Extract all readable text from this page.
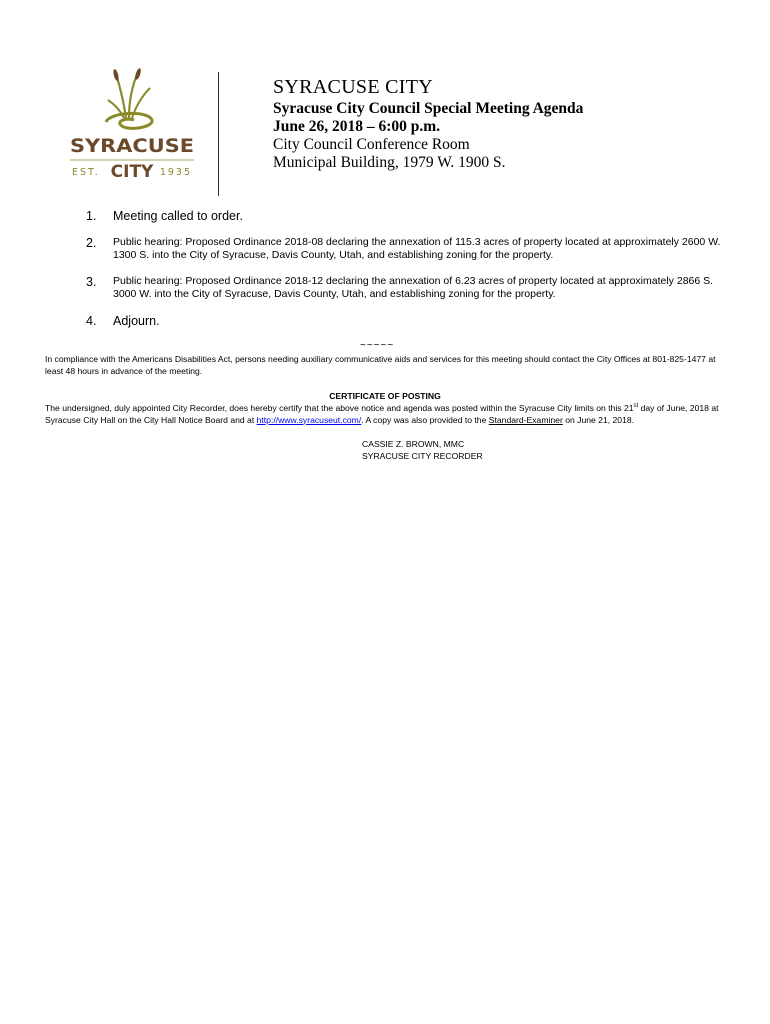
SYRACUSE
EST. CITY 1935
SYRACUSE CITY
Syracuse City Council Special Meeting Agenda
June 26, 2018 – 6:00 p.m.
City Council Conference Room
Municipal Building, 1979 W. 1900 S.
1.	Meeting called to order.
2.	Public hearing: Proposed Ordinance 2018-08 declaring the annexation of 115.3 acres of property located at approximately 2600 W. 1300 S. into the City of Syracuse, Davis County, Utah, and establishing zoning for the property.
3.	Public hearing: Proposed Ordinance 2018-12 declaring the annexation of 6.23 acres of property located at approximately 2866 S. 3000 W. into the City of Syracuse, Davis County, Utah, and establishing zoning for the property.
4.	Adjourn.
~~~~~
In compliance with the Americans Disabilities Act, persons needing auxiliary communicative aids and services for this meeting should contact the City Offices at 801-825-1477 at least 48 hours in advance of the meeting.
CERTIFICATE OF POSTING
The undersigned, duly appointed City Recorder, does hereby certify that the above notice and agenda was posted within the Syracuse City limits on this 21st day of June, 2018 at Syracuse City Hall on the City Hall Notice Board and at http://www.syracuseut.com/. A copy was also provided to the Standard-Examiner on June 21, 2018.
CASSIE Z. BROWN, MMC
SYRACUSE CITY RECORDER
